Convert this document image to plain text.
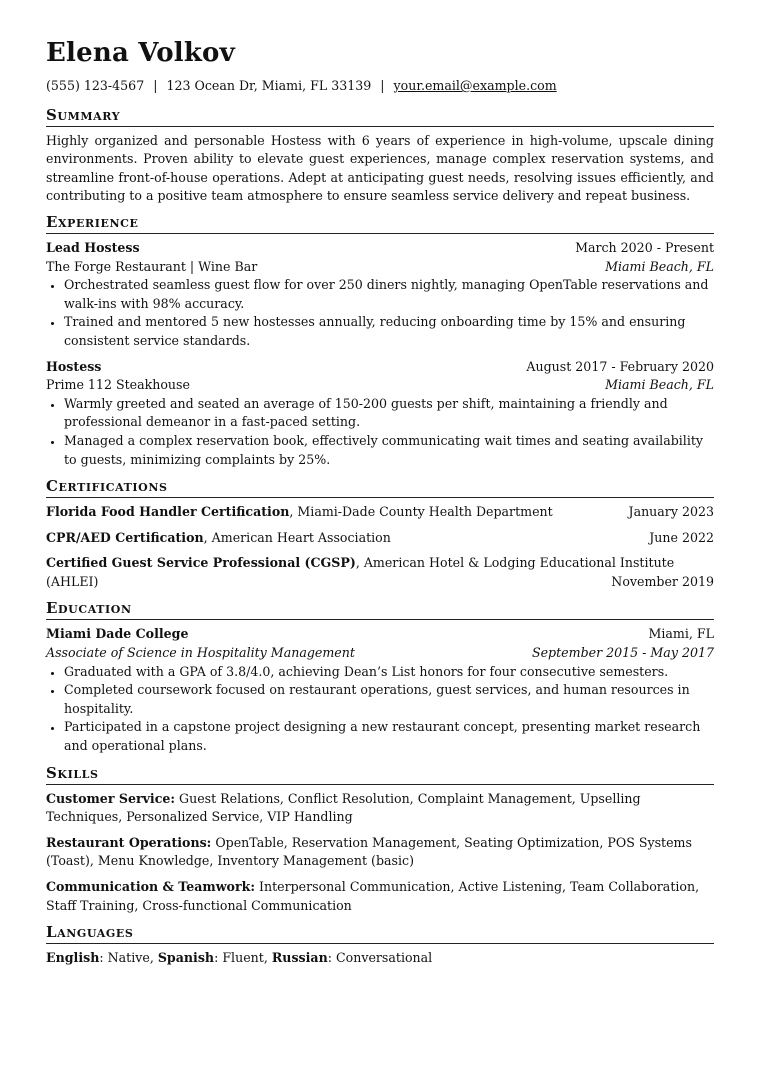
Elena Volkov
(555) 123-4567 | 123 Ocean Dr, Miami, FL 33139 | your.email@example.com
Summary

Highly organized and personable Hostess with 6 years of experience in high-volume, upscale dining environments. Proven ability to elevate guest experiences, manage complex reservation systems, and streamline front-of-house operations. Adept at anticipating guest needs, resolving issues efficiently, and contributing to a positive team atmosphere to ensure seamless service delivery and repeat business.

Experience
Lead Hostess	March 2020 - Present
The Forge Restaurant | Wine Bar	Miami Beach, FL
• Orchestrated seamless guest flow for over 250 diners nightly, managing OpenTable reservations and walk-ins with 98% accuracy.
• Trained and mentored 5 new hostesses annually, reducing onboarding time by 15% and ensuring consistent service standards.
Hostess	August 2017 - February 2020
Prime 112 Steakhouse	Miami Beach, FL
• Warmly greeted and seated an average of 150-200 guests per shift, maintaining a friendly and professional demeanor in a fast-paced setting.
• Managed a complex reservation book, effectively communicating wait times and seating availability to guests, minimizing complaints by 25%.
Certifications
Florida Food Handler Certification, Miami-Dade County Health Department	January 2023
CPR/AED Certification, American Heart Association	June 2022
Certified Guest Service Professional (CGSP), American Hotel & Lodging Educational Institute (AHLEI)	November 2019
Education
Miami Dade College	Miami, FL
Associate of Science in Hospitality Management	September 2015 - May 2017
• Graduated with a GPA of 3.8/4.0, achieving Dean’s List honors for four consecutive semesters.
• Completed coursework focused on restaurant operations, guest services, and human resources in hospitality.
• Participated in a capstone project designing a new restaurant concept, presenting market research and operational plans.
Skills
Customer Service: Guest Relations, Conflict Resolution, Complaint Management, Upselling Techniques, Personalized Service, VIP Handling
Restaurant Operations: OpenTable, Reservation Management, Seating Optimization, POS Systems (Toast), Menu Knowledge, Inventory Management (basic)
Communication & Teamwork: Interpersonal Communication, Active Listening, Team Collaboration, Staff Training, Cross-functional Communication
Languages
English: Native, Spanish: Fluent, Russian: Conversational
